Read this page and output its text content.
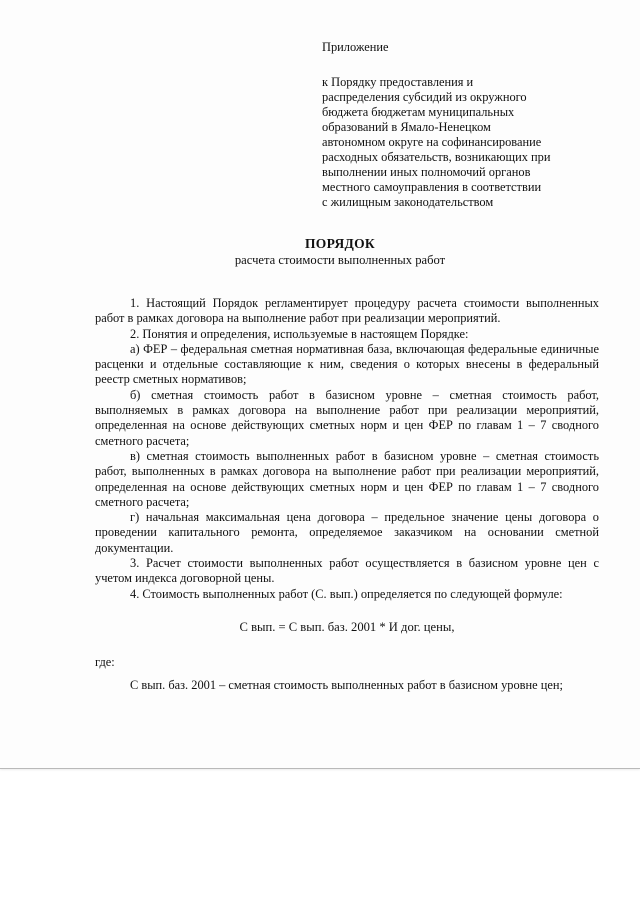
Приложение
к Порядку предоставления и
распределения субсидий из окружного
бюджета бюджетам муниципальных
образований в Ямало-Ненецком
автономном округе на софинансирование
расходных обязательств, возникающих при
выполнении иных полномочий органов
местного самоуправления в соответствии
с жилищным законодательством
ПОРЯДОК
расчета стоимости выполненных работ
1. Настоящий Порядок регламентирует процедуру расчета стоимости выполненных работ в рамках договора на выполнение работ при реализации мероприятий.
2. Понятия и определения, используемые в настоящем Порядке:
а) ФЕР – федеральная сметная нормативная база, включающая федеральные единичные расценки и отдельные составляющие к ним, сведения о которых внесены в федеральный реестр сметных нормативов;
б) сметная стоимость работ в базисном уровне – сметная стоимость работ, выполняемых в рамках договора на выполнение работ при реализации мероприятий, определенная на основе действующих сметных норм и цен ФЕР по главам 1 – 7 сводного сметного расчета;
в) сметная стоимость выполненных работ в базисном уровне – сметная стоимость работ, выполненных в рамках договора на выполнение работ при реализации мероприятий, определенная на основе действующих сметных норм и цен ФЕР по главам 1 – 7 сводного сметного расчета;
г) начальная максимальная цена договора – предельное значение цены договора о проведении капитального ремонта, определяемое заказчиком на основании сметной документации.
3. Расчет стоимости выполненных работ осуществляется в базисном уровне цен с учетом индекса договорной цены.
4. Стоимость выполненных работ (С. вып.) определяется по следующей формуле:
С вып. = С вып. баз. 2001 * И дог. цены,
где:
С вып. баз. 2001 – сметная стоимость выполненных работ в базисном уровне цен;
